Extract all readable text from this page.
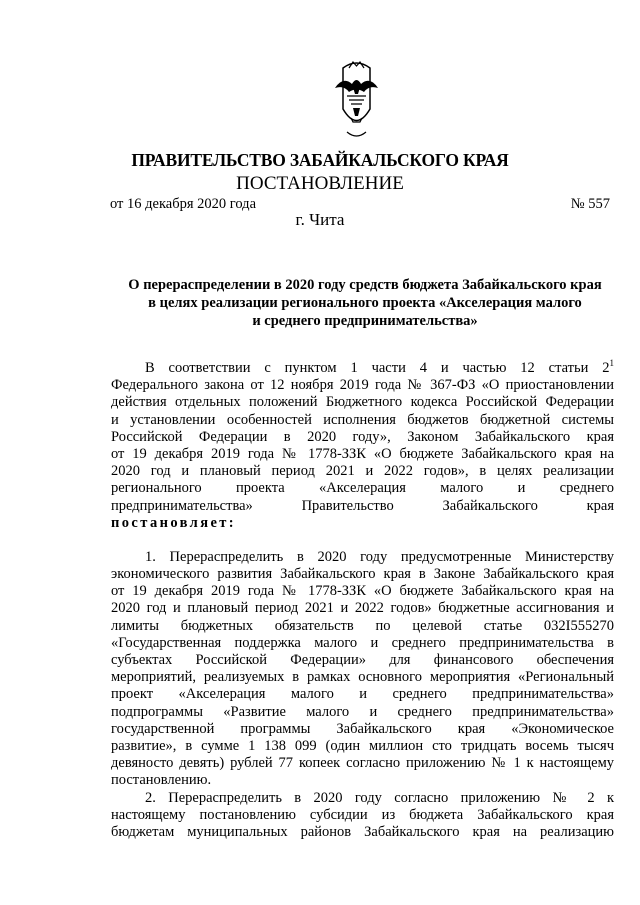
ПРАВИТЕЛЬСТВО ЗАБАЙКАЛЬСКОГО КРАЯ
ПОСТАНОВЛЕНИЕ
от 16 декабря 2020 года	№ 557
г. Чита
О перераспределении в 2020 году средств бюджета Забайкальского края
в целях реализации регионального проекта «Акселерация малого
и среднего предпринимательства»
В соответствии с пунктом 1 части 4 и частью 12 статьи $2^1$
Федерального закона от 12 ноября 2019 года № 367-ФЗ «О приостановлении
действия отдельных положений Бюджетного кодекса Российской Федерации
и установлении особенностей исполнения бюджетов бюджетной системы
Российской Федерации в 2020 году», Законом Забайкальского края
от 19 декабря 2019 года № 1778-ЗЗК «О бюджете Забайкальского края на
2020 год и плановый период 2021 и 2022 годов», в целях реализации
регионального проекта «Акселерация малого и среднего
предпринимательства» Правительство Забайкальского края
постановляет:
1. Перераспределить в 2020 году предусмотренные Министерству
экономического развития Забайкальского края в Законе Забайкальского края
от 19 декабря 2019 года № 1778-ЗЗК «О бюджете Забайкальского края на
2020 год и плановый период 2021 и 2022 годов» бюджетные ассигнования и
лимиты бюджетных обязательств по целевой статье 032I555270
«Государственная поддержка малого и среднего предпринимательства в
субъектах Российской Федерации» для финансового обеспечения
мероприятий, реализуемых в рамках основного мероприятия «Региональный
проект «Акселерация малого и среднего предпринимательства»
подпрограммы «Развитие малого и среднего предпринимательства»
государственной программы Забайкальского края «Экономическое
развитие», в сумме 1 138 099 (один миллион сто тридцать восемь тысяч
девяносто девять) рублей 77 копеек согласно приложению № 1 к настоящему
постановлению.
2. Перераспределить в 2020 году согласно приложению № 2 к
настоящему постановлению субсидии из бюджета Забайкальского края
бюджетам муниципальных районов Забайкальского края на реализацию
